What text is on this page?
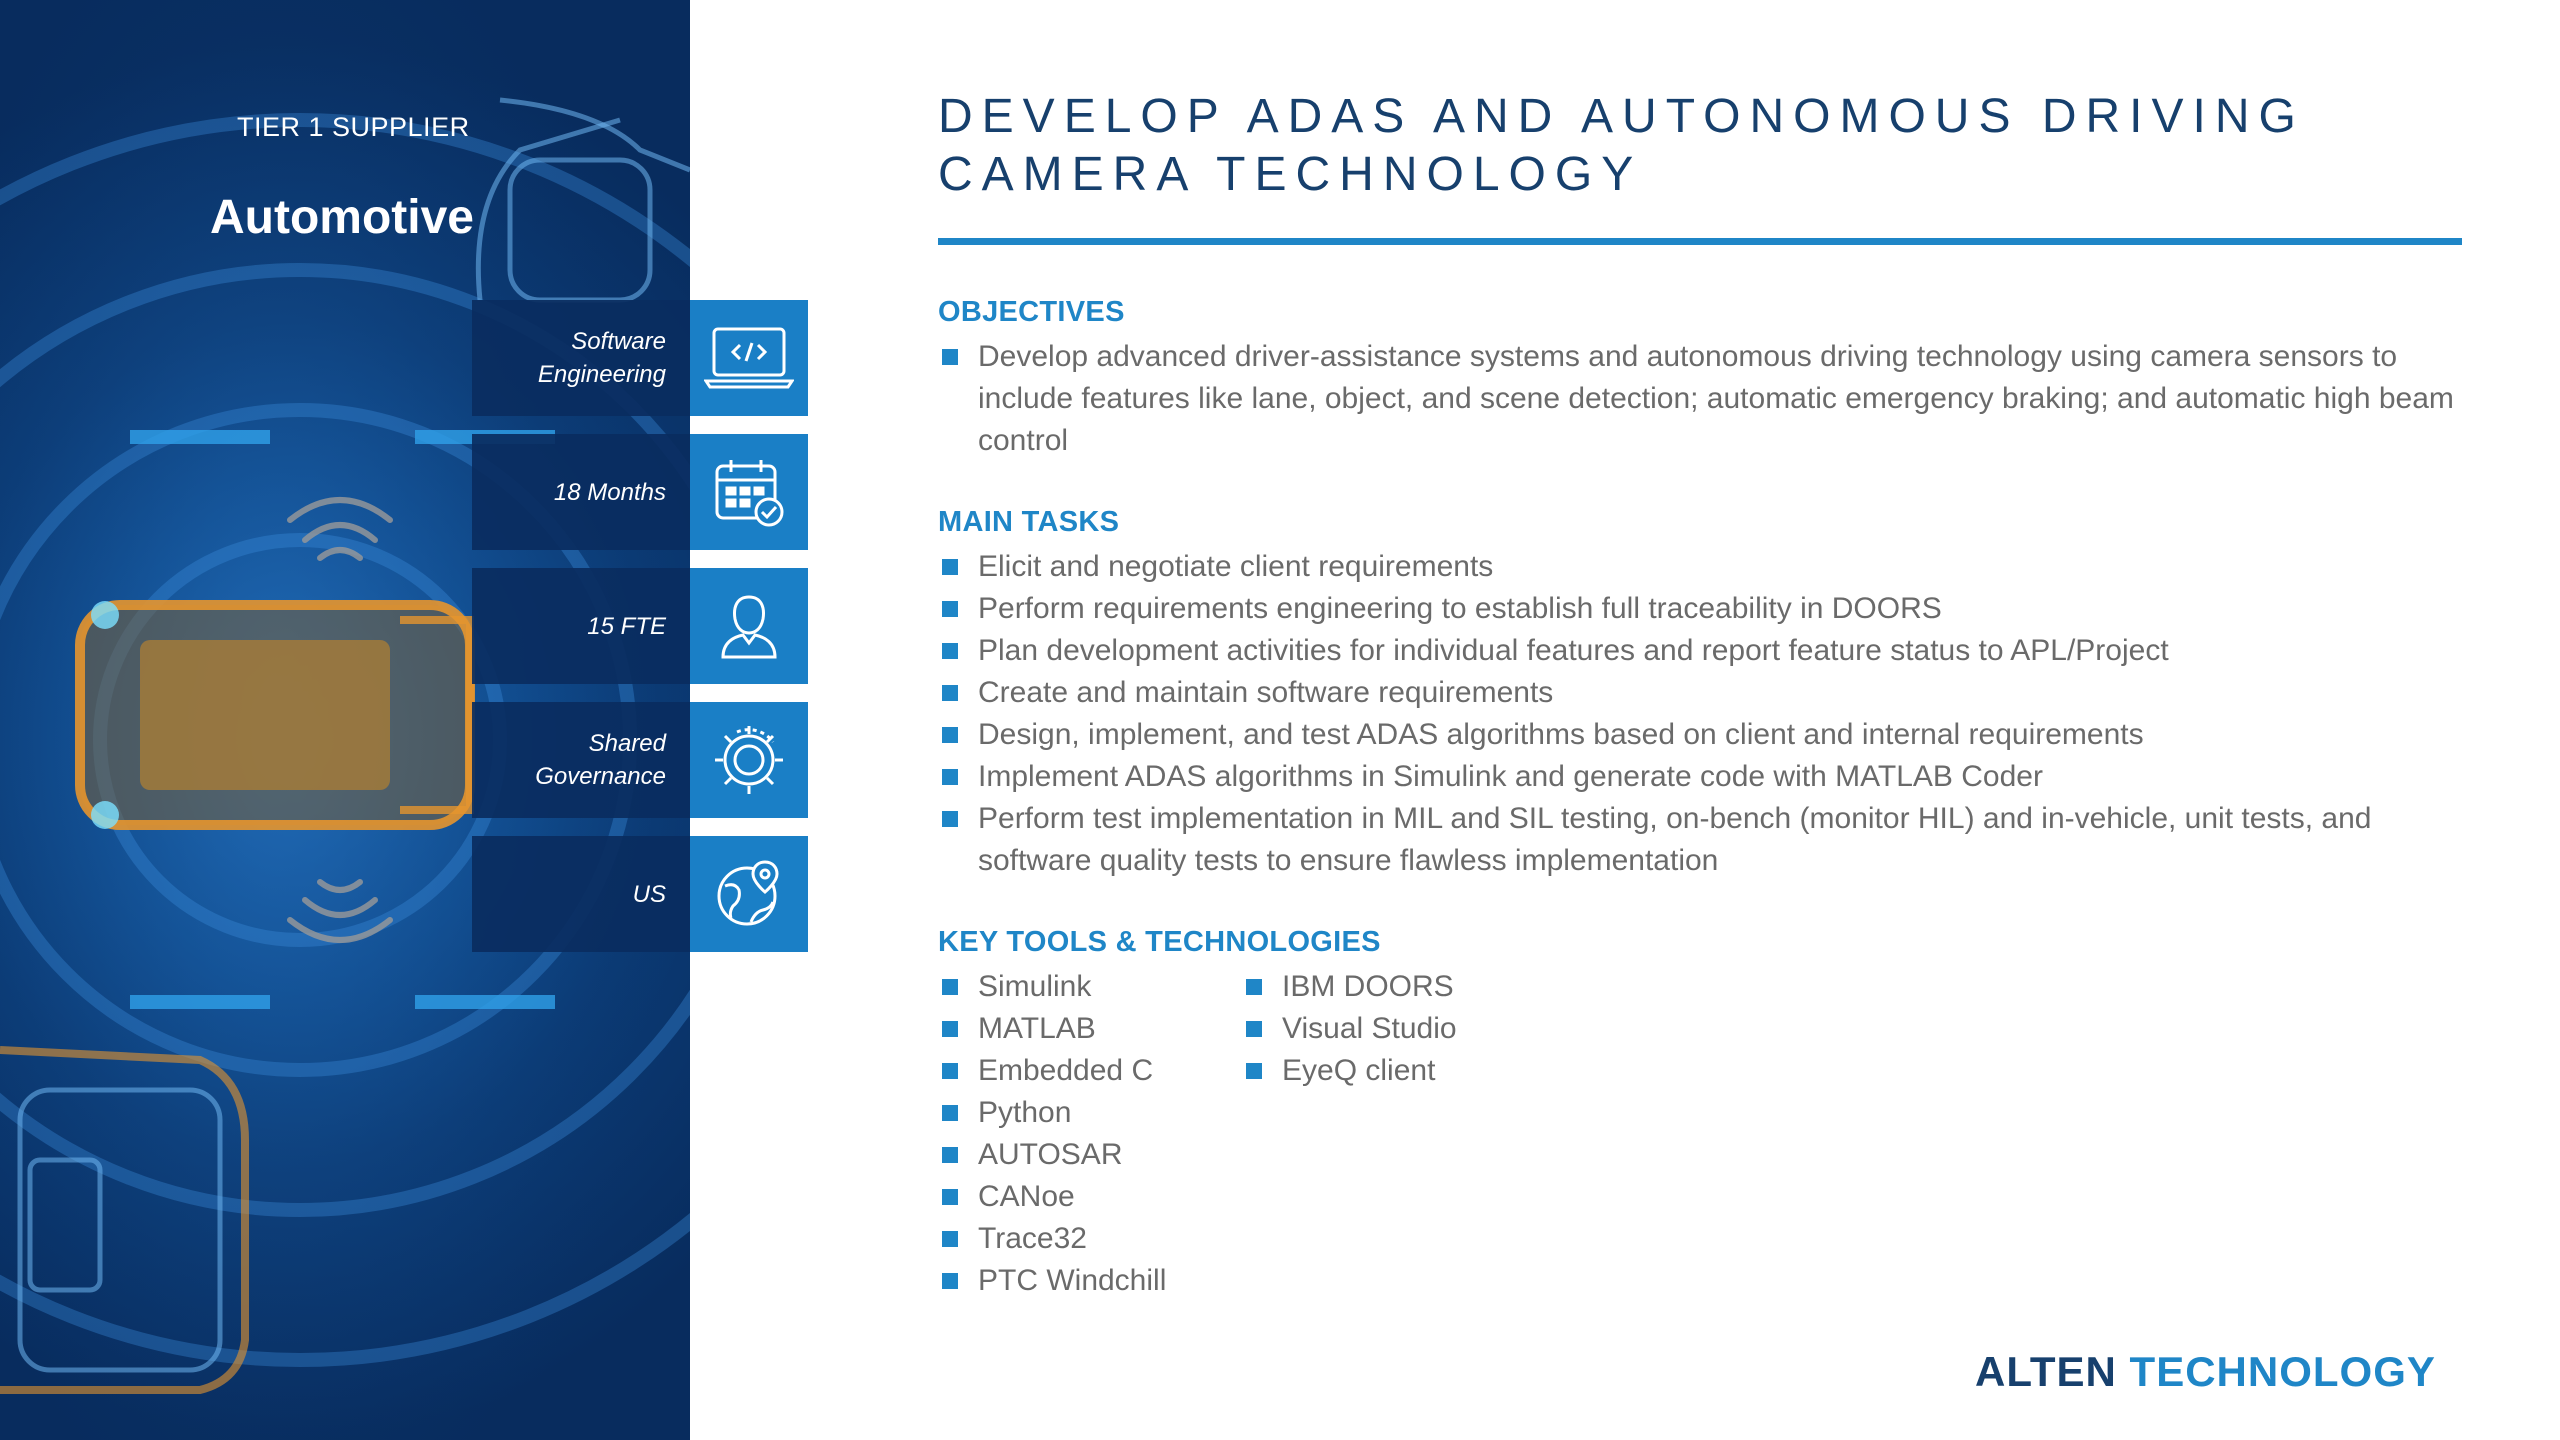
TIER 1 SUPPLIER
Automotive
Software
Engineering
18 Months
15 FTE
Shared
Governance
US
DEVELOP ADAS AND AUTONOMOUS DRIVING
CAMERA TECHNOLOGY
OBJECTIVES
Develop advanced driver-assistance systems and autonomous driving technology using camera sensors to include features like lane, object, and scene detection; automatic emergency braking; and automatic high beam control
MAIN TASKS
Elicit and negotiate client requirements
Perform requirements engineering to establish full traceability in DOORS
Plan development activities for individual features and report feature status to APL/Project
Create and maintain software requirements
Design, implement, and test ADAS algorithms based on client and internal requirements
Implement ADAS algorithms in Simulink and generate code with MATLAB Coder
Perform test implementation in MIL and SIL testing, on-bench (monitor HIL) and in-vehicle, unit tests, and software quality tests to ensure flawless implementation
KEY TOOLS & TECHNOLOGIES
Simulink
MATLAB
Embedded C
Python
AUTOSAR
CANoe
Trace32
PTC Windchill
IBM DOORS
Visual Studio
EyeQ client
ALTEN TECHNOLOGY
